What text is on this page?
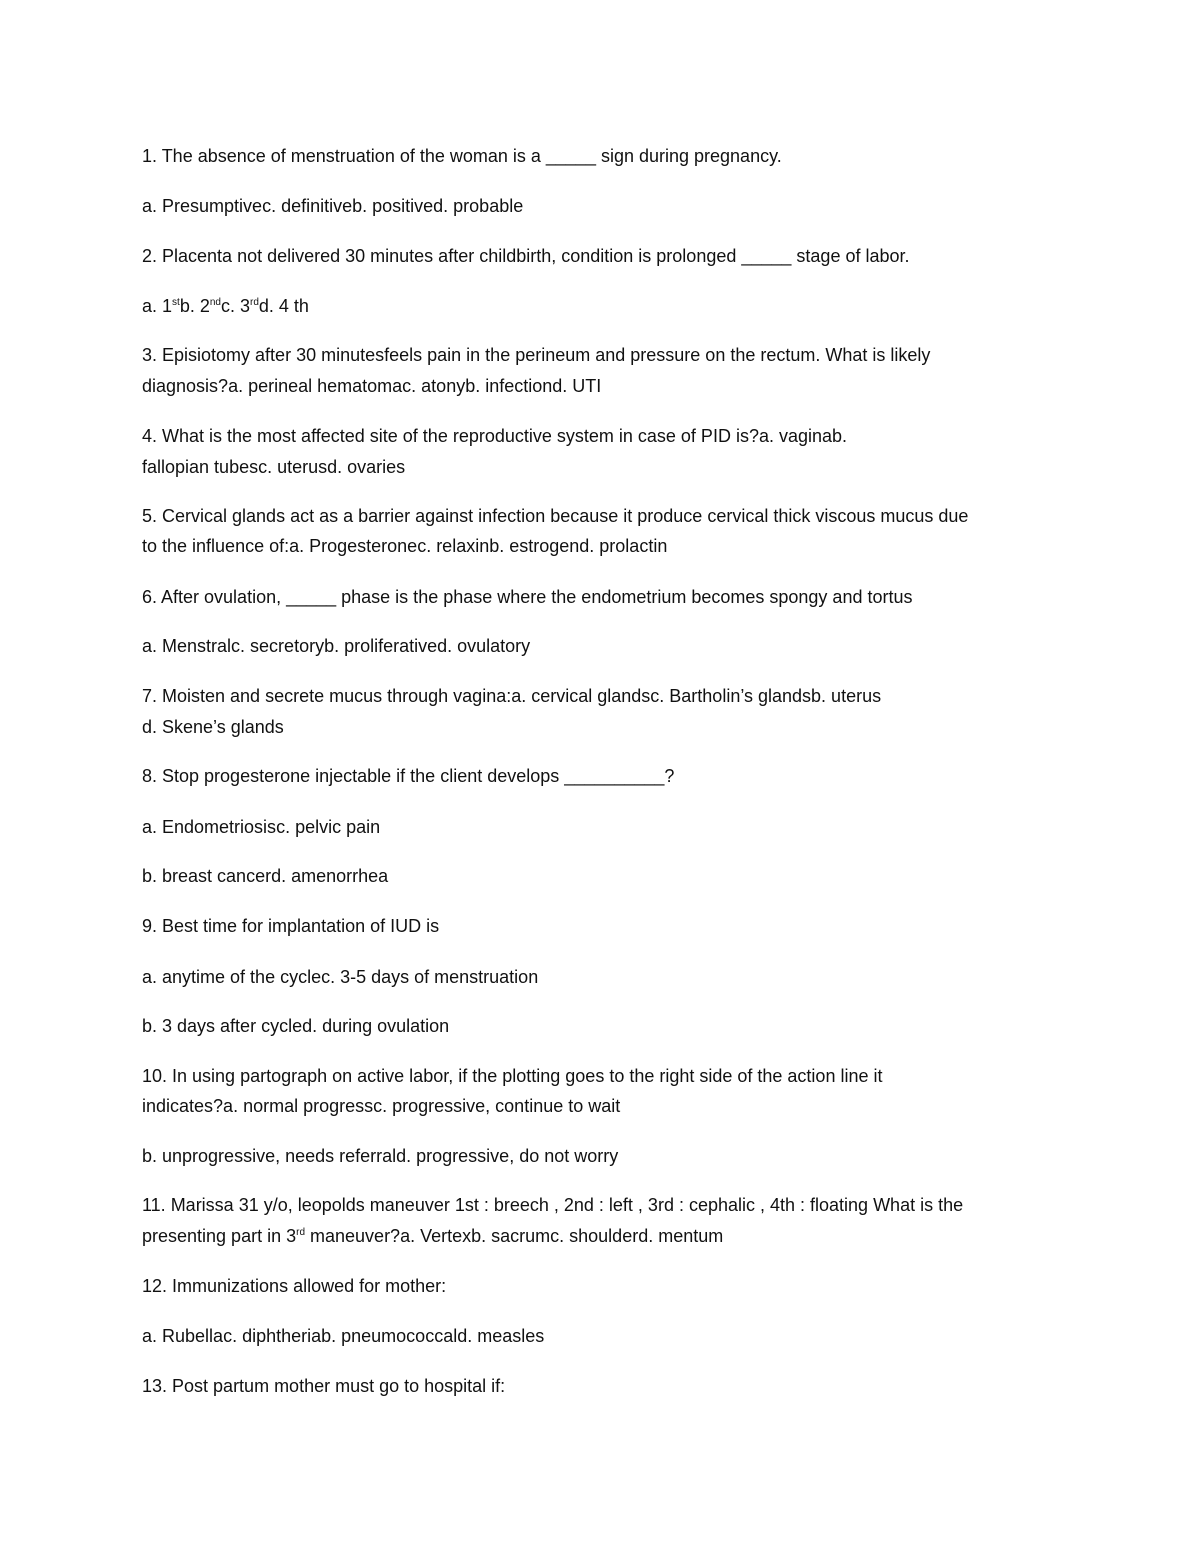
1. The absence of menstruation of the woman is a _____ sign during pregnancy.

a. Presumptivec. definitiveb. positived. probable

2. Placenta not delivered 30 minutes after childbirth, condition is prolonged _____ stage of labor.

a. 1stb. 2ndc. 3rdd. 4 th

3. Episiotomy after 30 minutesfeels pain in the perineum and pressure on the rectum. What is likely

diagnosis?a. perineal hematomac. atonyb. infectiond. UTI

4. What is the most affected site of the reproductive system in case of PID is?a. vaginab.

fallopian tubesc. uterusd. ovaries

5. Cervical glands act as a barrier against infection because it produce cervical thick viscous mucus due

to the influence of:a. Progesteronec. relaxinb. estrogend. prolactin

6. After ovulation, _____ phase is the phase where the endometrium becomes spongy and tortus

a. Menstralc. secretoryb. proliferatived. ovulatory

7. Moisten and secrete mucus through vagina:a. cervical glandsc. Bartholin’s glandsb. uterus

d. Skene’s glands

8. Stop progesterone injectable if the client develops __________?

a. Endometriosisc. pelvic pain

b. breast cancerd. amenorrhea

9. Best time for implantation of IUD is

a. anytime of the cyclec. 3-5 days of menstruation

b. 3 days after cycled. during ovulation

10. In using partograph on active labor, if the plotting goes to the right side of the action line it

indicates?a. normal progressc. progressive, continue to wait

b. unprogressive, needs referrald. progressive, do not worry

11. Marissa 31 y/o, leopolds maneuver 1st : breech , 2nd : left , 3rd : cephalic , 4th : floating What is the

presenting part in 3rd maneuver?a. Vertexb. sacrumc. shoulderd. mentum

12. Immunizations allowed for mother:

a. Rubellac. diphtheriab. pneumococcald. measles

13. Post partum mother must go to hospital if:
